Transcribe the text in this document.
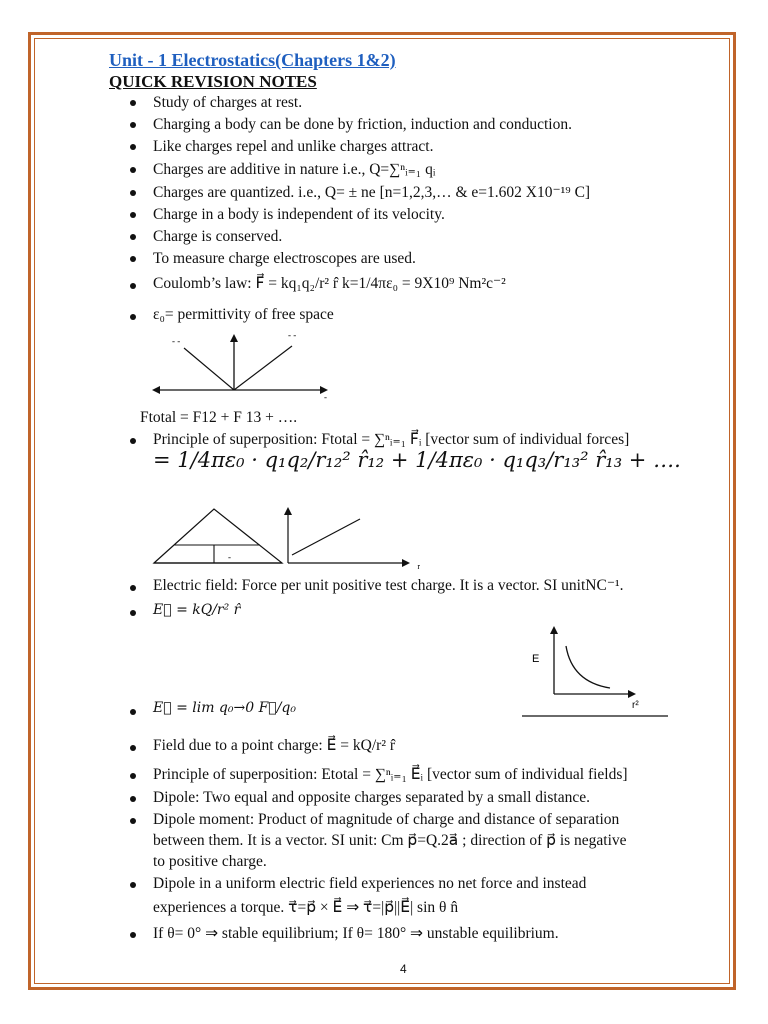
Unit - 1 Electrostatics(Chapters 1&2)
QUICK REVISION NOTES
Study of charges at rest.
Charging a body can be done by friction, induction and conduction.
Like charges repel and unlike charges attract.
Charges are additive in nature i.e., Q=∑ⁿᵢ₌₁ qᵢ
Charges are quantized. i.e., Q= ± ne [n=1,2,3,… & e=1.602 X10⁻¹⁹ C]
Charge in a body is independent of its velocity.
Charge is conserved.
To measure charge electroscopes are used.
Coulomb’s law: F⃗ = kq₁q₂/r² r̂ k=1/4πε₀ = 9X10⁹ Nm²c⁻²
ε₀= permittivity of free space
- -
- -
-
Ftotal = F12 + F 13 + ….
Principle of superposition: Ftotal = ∑ⁿᵢ₌₁ F⃗ᵢ [vector sum of individual forces]
= 1/4πε₀ · q₁q₂/r₁₂² r̂₁₂ + 1/4πε₀ · q₁q₃/r₁₃² r̂₁₃ + ….
-
r
Electric field: Force per unit positive test charge. It is a vector. SI unitNC⁻¹.
E⃗ = kQ/r² r̂
E
r²
E⃗ = lim q₀→0 F⃗/q₀
Field due to a point charge: E⃗ = kQ/r² r̂
Principle of superposition: Etotal = ∑ⁿᵢ₌₁ E⃗ᵢ [vector sum of individual fields]
Dipole: Two equal and opposite charges separated by a small distance.
Dipole moment: Product of magnitude of charge and distance of separation
between them. It is a vector. SI unit: Cm p⃗=Q.2a⃗ ; direction of p⃗ is negative
to positive charge.
Dipole in a uniform electric field experiences no net force and instead
experiences a torque. τ⃗=p⃗ × E⃗ ⇒ τ⃗=|p⃗||E⃗| sin θ n̂
If θ= 0° ⇒ stable equilibrium; If θ= 180° ⇒ unstable equilibrium.
4
